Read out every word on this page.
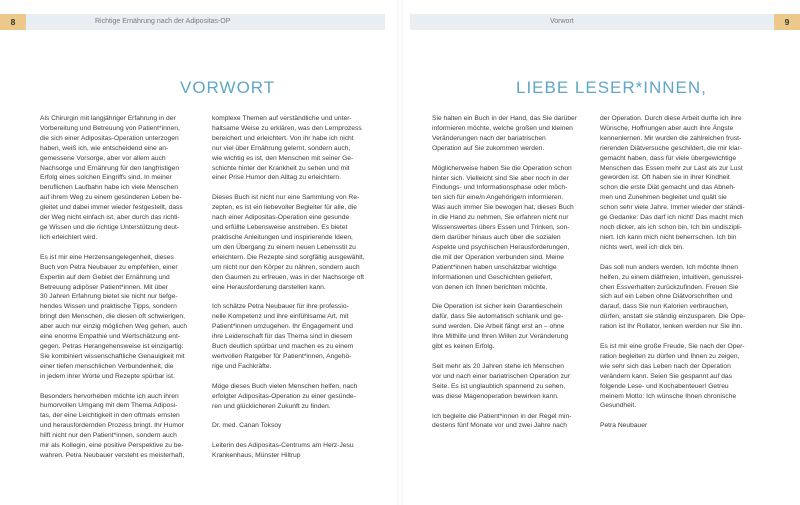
8	Richtige Ernährung nach der Adipositas-OP	Vorwort	9
VORWORT	LIEBE LESER*INNEN,

Als Chirurgin mit langjähriger Erfahrung in der
Vorbereitung und Betreuung von Patient*innen,
die sich einer Adipositas-Operation unterzogen
haben, weiß ich, wie entscheidend eine an-
gemessene Vorsorge, aber vor allem auch
Nachsorge und Ernährung für den langfristigen
Erfolg eines solchen Eingriffs sind. In meiner
beruflichen Laufbahn habe ich viele Menschen
auf ihrem Weg zu einem gesünderen Leben be-
gleitet und dabei immer wieder festgestellt, dass
der Weg nicht einfach ist, aber durch das richti-
ge Wissen und die richtige Unterstützung deut-
lich erleichtert wird.

Es ist mir eine Herzensangelegenheit, dieses
Buch von Petra Neubauer zu empfehlen, einer
Expertin auf dem Gebiet der Ernährung und
Betreuung adipöser Patient*innen. Mit über
30 Jahren Erfahrung bietet sie nicht nur tiefge-
hendes Wissen und praktische Tipps, sondern
bringt den Menschen, die diesen oft schwierigen,
aber auch nur einzig möglichen Weg gehen, auch
eine enorme Empathie und Wertschätzung ent-
gegen. Petras Herangehensweise ist einzigartig:
Sie kombiniert wissenschaftliche Genauigkeit mit
einer tiefen menschlichen Verbundenheit, die
in jedem ihrer Worte und Rezepte spürbar ist.

Besonders hervorheben möchte ich auch ihren
humorvollen Umgang mit dem Thema Adiposi-
tas, der eine Leichtigkeit in den oftmals ernsten
und herausfordernden Prozess bringt. Ihr Humor
hilft nicht nur den Patient*innen, sondern auch
mir als Kollegin, eine positive Perspektive zu be-
wahren. Petra Neubauer versteht es meisterhaft,

komplexe Themen auf verständliche und unter-
haltsame Weise zu erklären, was den Lernprozess
bereichert und erleichtert. Von ihr habe ich nicht
nur viel über Ernährung gelernt, sondern auch,
wie wichtig es ist, den Menschen mit seiner Ge-
schichte hinter der Krankheit zu sehen und mit
einer Prise Humor den Alltag zu erleichtern.

Dieses Buch ist nicht nur eine Sammlung von Re-
zepten, es ist ein liebevoller Begleiter für alle, die
nach einer Adipositas-Operation eine gesunde
und erfüllte Lebensweise anstreben. Es bietet
praktische Anleitungen und inspirierende Ideen,
um den Übergang zu einem neuen Lebensstil zu
erleichtern. Die Rezepte sind sorgfältig ausgewählt,
um nicht nur den Körper zu nähren, sondern auch
den Gaumen zu erfreuen, was in der Nachsorge oft
eine Herausforderung darstellen kann.

Ich schätze Petra Neubauer für ihre professio-
nelle Kompetenz und ihre einfühlsame Art, mit
Patient*innen umzugehen. Ihr Engagement und
ihre Leidenschaft für das Thema sind in diesem
Buch deutlich spürbar und machen es zu einem
wertvollen Ratgeber für Patient*innen, Angehö-
rige und Fachkräfte.

Möge dieses Buch vielen Menschen helfen, nach
erfolgter Adipositas-Operation zu einer gesünde-
ren und glücklicheren Zukunft zu finden.

Dr. med. Canan Toksoy

Leiterin des Adipositas-Centrums am Herz-Jesu
Krankenhaus, Münster Hiltrup

Sie halten ein Buch in der Hand, das Sie darüber
informieren möchte, welche großen und kleinen
Veränderungen nach der bariatrischen
Operation auf Sie zukommen werden.

Möglicherweise haben Sie die Operation schon
hinter sich. Vielleicht sind Sie aber noch in der
Findungs- und Informationsphase oder möch-
ten sich für eine/n Angehörige/n informieren.
Was auch immer Sie bewogen hat, dieses Buch
in die Hand zu nehmen, Sie erfahren nicht nur
Wissenswertes übers Essen und Trinken, son-
dern darüber hinaus auch über die sozialen
Aspekte und psychischen Herausforderungen,
die mit der Operation verbunden sind. Meine
Patient*innen haben unschätzbar wichtige
Informationen und Geschichten geliefert,
von denen ich Ihnen berichten möchte.

Die Operation ist sicher kein Garantieschein
dafür, dass Sie automatisch schlank und ge-
sund werden. Die Arbeit fängt erst an – ohne
Ihre Mithilfe und Ihren Willen zur Veränderung
gibt es keinen Erfolg.

Seit mehr als 20 Jahren stehe ich Menschen
vor und nach einer bariatrischen Operation zur
Seite. Es ist unglaublich spannend zu sehen,
was diese Magenoperation bewirken kann.

Ich begleite die Patient*innen in der Regel min-
destens fünf Monate vor und zwei Jahre nach

der Operation. Durch diese Arbeit durfte ich ihre
Wünsche, Hoffnungen aber auch ihre Ängste
kennenlernen. Mir wurden die zahlreichen frust-
rierenden Diätversuche geschildert, die mir klar-
gemacht haben, dass für viele übergewichtige
Menschen das Essen mehr zur Last als zur Lust
geworden ist. Oft haben sie in ihrer Kindheit
schon die erste Diät gemacht und das Abneh-
men und Zunehmen begleitet und quält sie
schon sehr viele Jahre. Immer wieder der ständi-
ge Gedanke: Das darf ich nicht! Das macht mich
noch dicker, als ich schon bin. Ich bin undiszipli-
niert. Ich kann mich nicht beherrschen. Ich bin
nichts wert, weil ich dick bin.

Das soll nun anders werden. Ich möchte Ihnen
helfen, zu einem diätfreien, intuitiven, genussrei-
chen Essverhalten zurückzufinden. Freuen Sie
sich auf ein Leben ohne Diätvorschriften und
darauf, dass Sie nun Kalorien verbrauchen,
dürfen, anstatt sie ständig einzusparen. Die Ope-
ration ist Ihr Rollator, lenken werden nur Sie ihn.

Es ist mir eine große Freude, Sie nach der Oper-
ration begleiten zu dürfen und Ihnen zu zeigen,
wie sehr sich das Leben nach der Operation
verändern kann. Seien Sie gespannt auf das
folgende Lese- und Kochabenteuer! Getreu
meinem Motto: Ich wünsche Ihnen chronische
Gesundheit.

Petra Neubauer
